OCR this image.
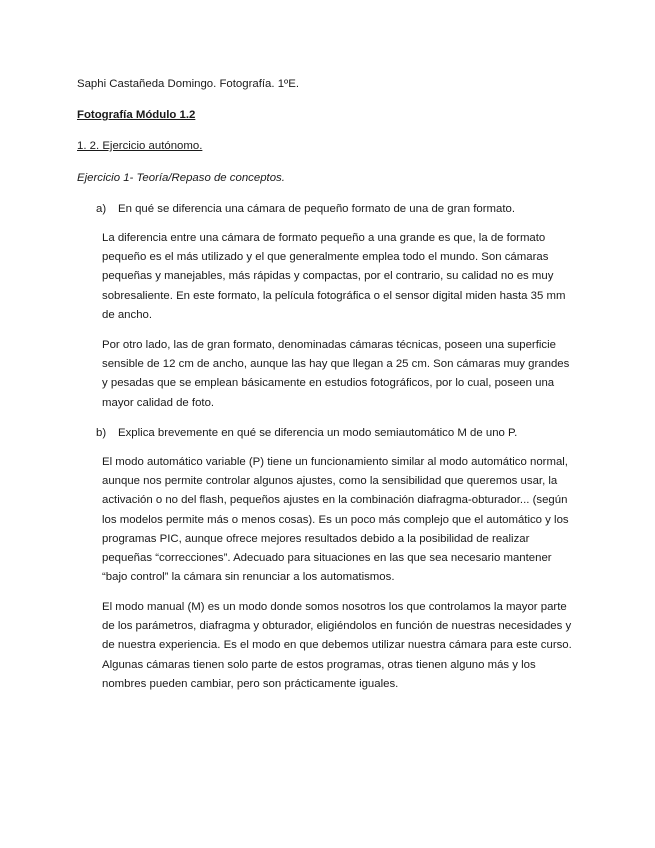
Saphi Castañeda Domingo. Fotografía. 1ºE.
Fotografía Módulo 1.2
1. 2. Ejercicio autónomo.
Ejercicio 1- Teoría/Repaso de conceptos.
a) En qué se diferencia una cámara de pequeño formato de una de gran formato.

La diferencia entre una cámara de formato pequeño a una grande es que, la de formato pequeño es el más utilizado y el que generalmente emplea todo el mundo. Son cámaras pequeñas y manejables, más rápidas y compactas, por el contrario, su calidad no es muy sobresaliente. En este formato, la película fotográfica o el sensor digital miden hasta 35 mm de ancho.

Por otro lado, las de gran formato, denominadas cámaras técnicas, poseen una superficie sensible de 12 cm de ancho, aunque las hay que llegan a 25 cm. Son cámaras muy grandes y pesadas que se emplean básicamente en estudios fotográficos, por lo cual, poseen una mayor calidad de foto.

b) Explica brevemente en qué se diferencia un modo semiautomático M de uno P.

El modo automático variable (P) tiene un funcionamiento similar al modo automático normal, aunque nos permite controlar algunos ajustes, como la sensibilidad que queremos usar, la activación o no del flash, pequeños ajustes en la combinación diafragma-obturador... (según los modelos permite más o menos cosas). Es un poco más complejo que el automático y los programas PIC, aunque ofrece mejores resultados debido a la posibilidad de realizar pequeñas “correcciones”. Adecuado para situaciones en las que sea necesario mantener “bajo control” la cámara sin renunciar a los automatismos.

El modo manual (M) es un modo donde somos nosotros los que controlamos la mayor parte de los parámetros, diafragma y obturador, eligiéndolos en función de nuestras necesidades y de nuestra experiencia. Es el modo en que debemos utilizar nuestra cámara para este curso. Algunas cámaras tienen solo parte de estos programas, otras tienen alguno más y los nombres pueden cambiar, pero son prácticamente iguales.
